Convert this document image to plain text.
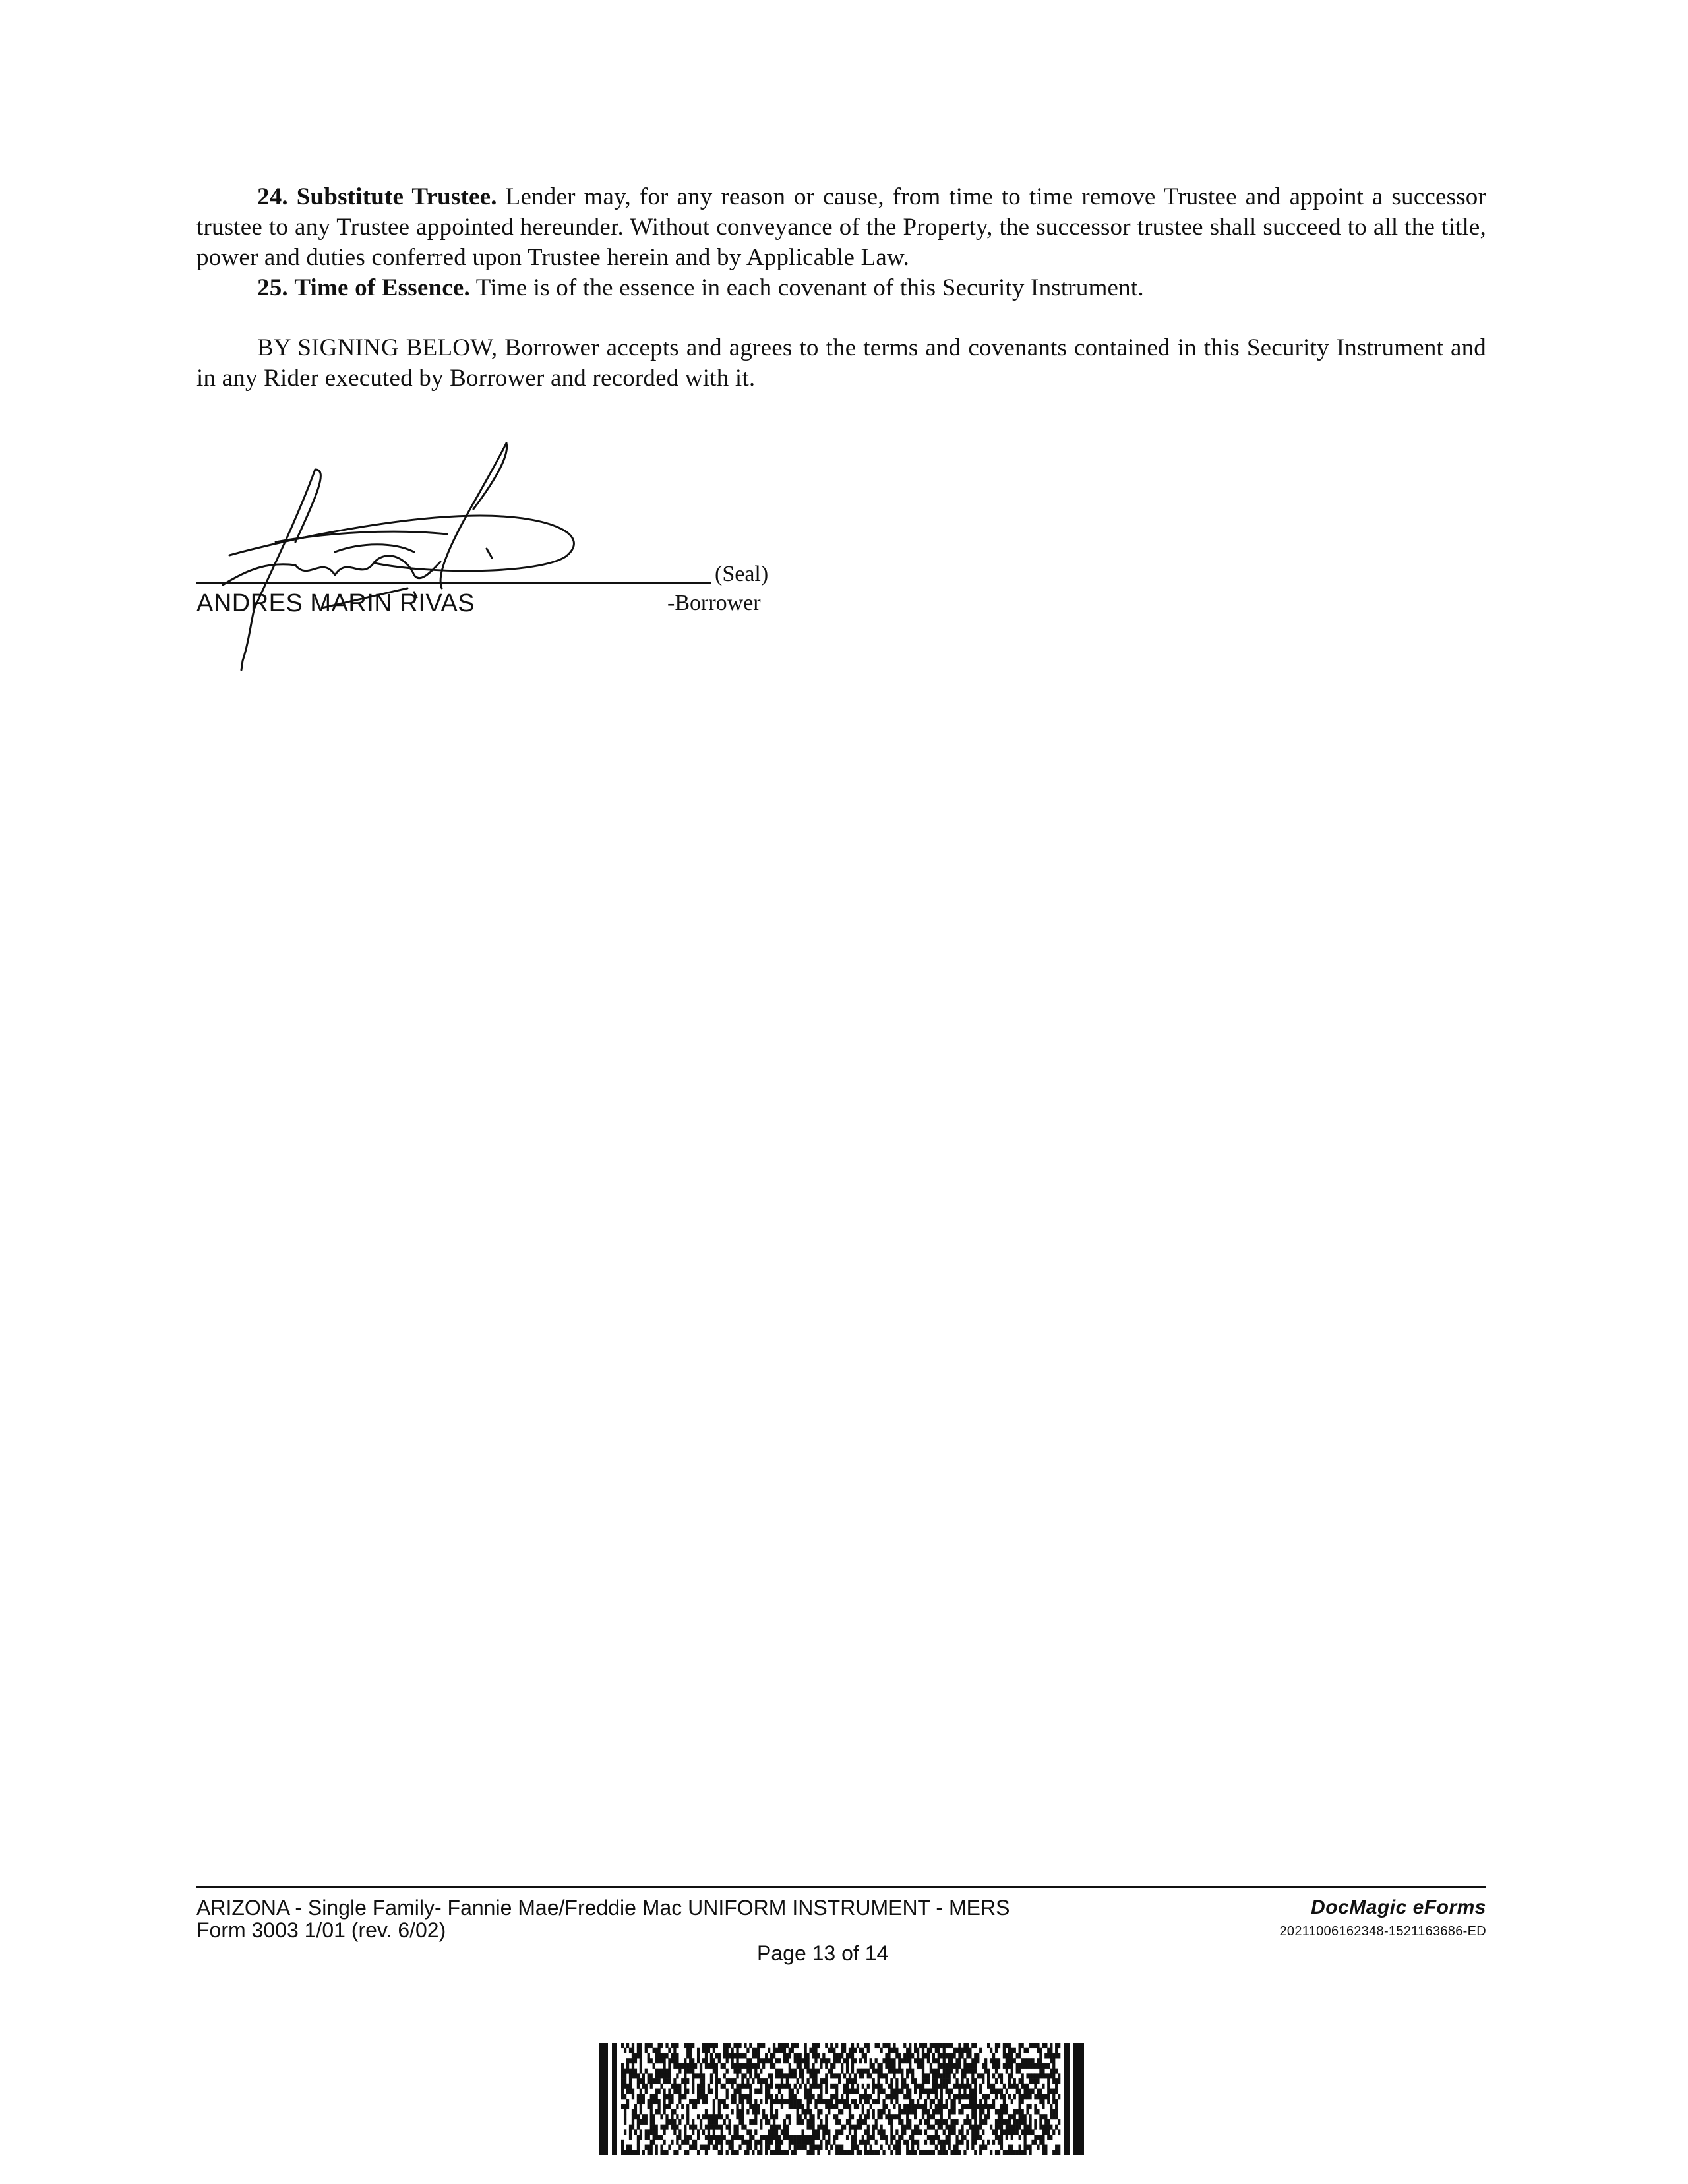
24. Substitute Trustee. Lender may, for any reason or cause, from time to time remove Trustee and appoint a successor trustee to any Trustee appointed hereunder. Without conveyance of the Property, the successor trustee shall succeed to all the title, power and duties conferred upon Trustee herein and by Applicable Law.

25. Time of Essence. Time is of the essence in each covenant of this Security Instrument.

BY SIGNING BELOW, Borrower accepts and agrees to the terms and covenants contained in this Security Instrument and in any Rider executed by Borrower and recorded with it.

(Seal)
ANDRES MARIN RIVAS	-Borrower
ARIZONA - Single Family- Fannie Mae/Freddie Mac UNIFORM INSTRUMENT - MERS
Form 3003 1/01 (rev. 6/02)
DocMagic eForms
20211006162348-1521163686-ED
Page 13 of 14
